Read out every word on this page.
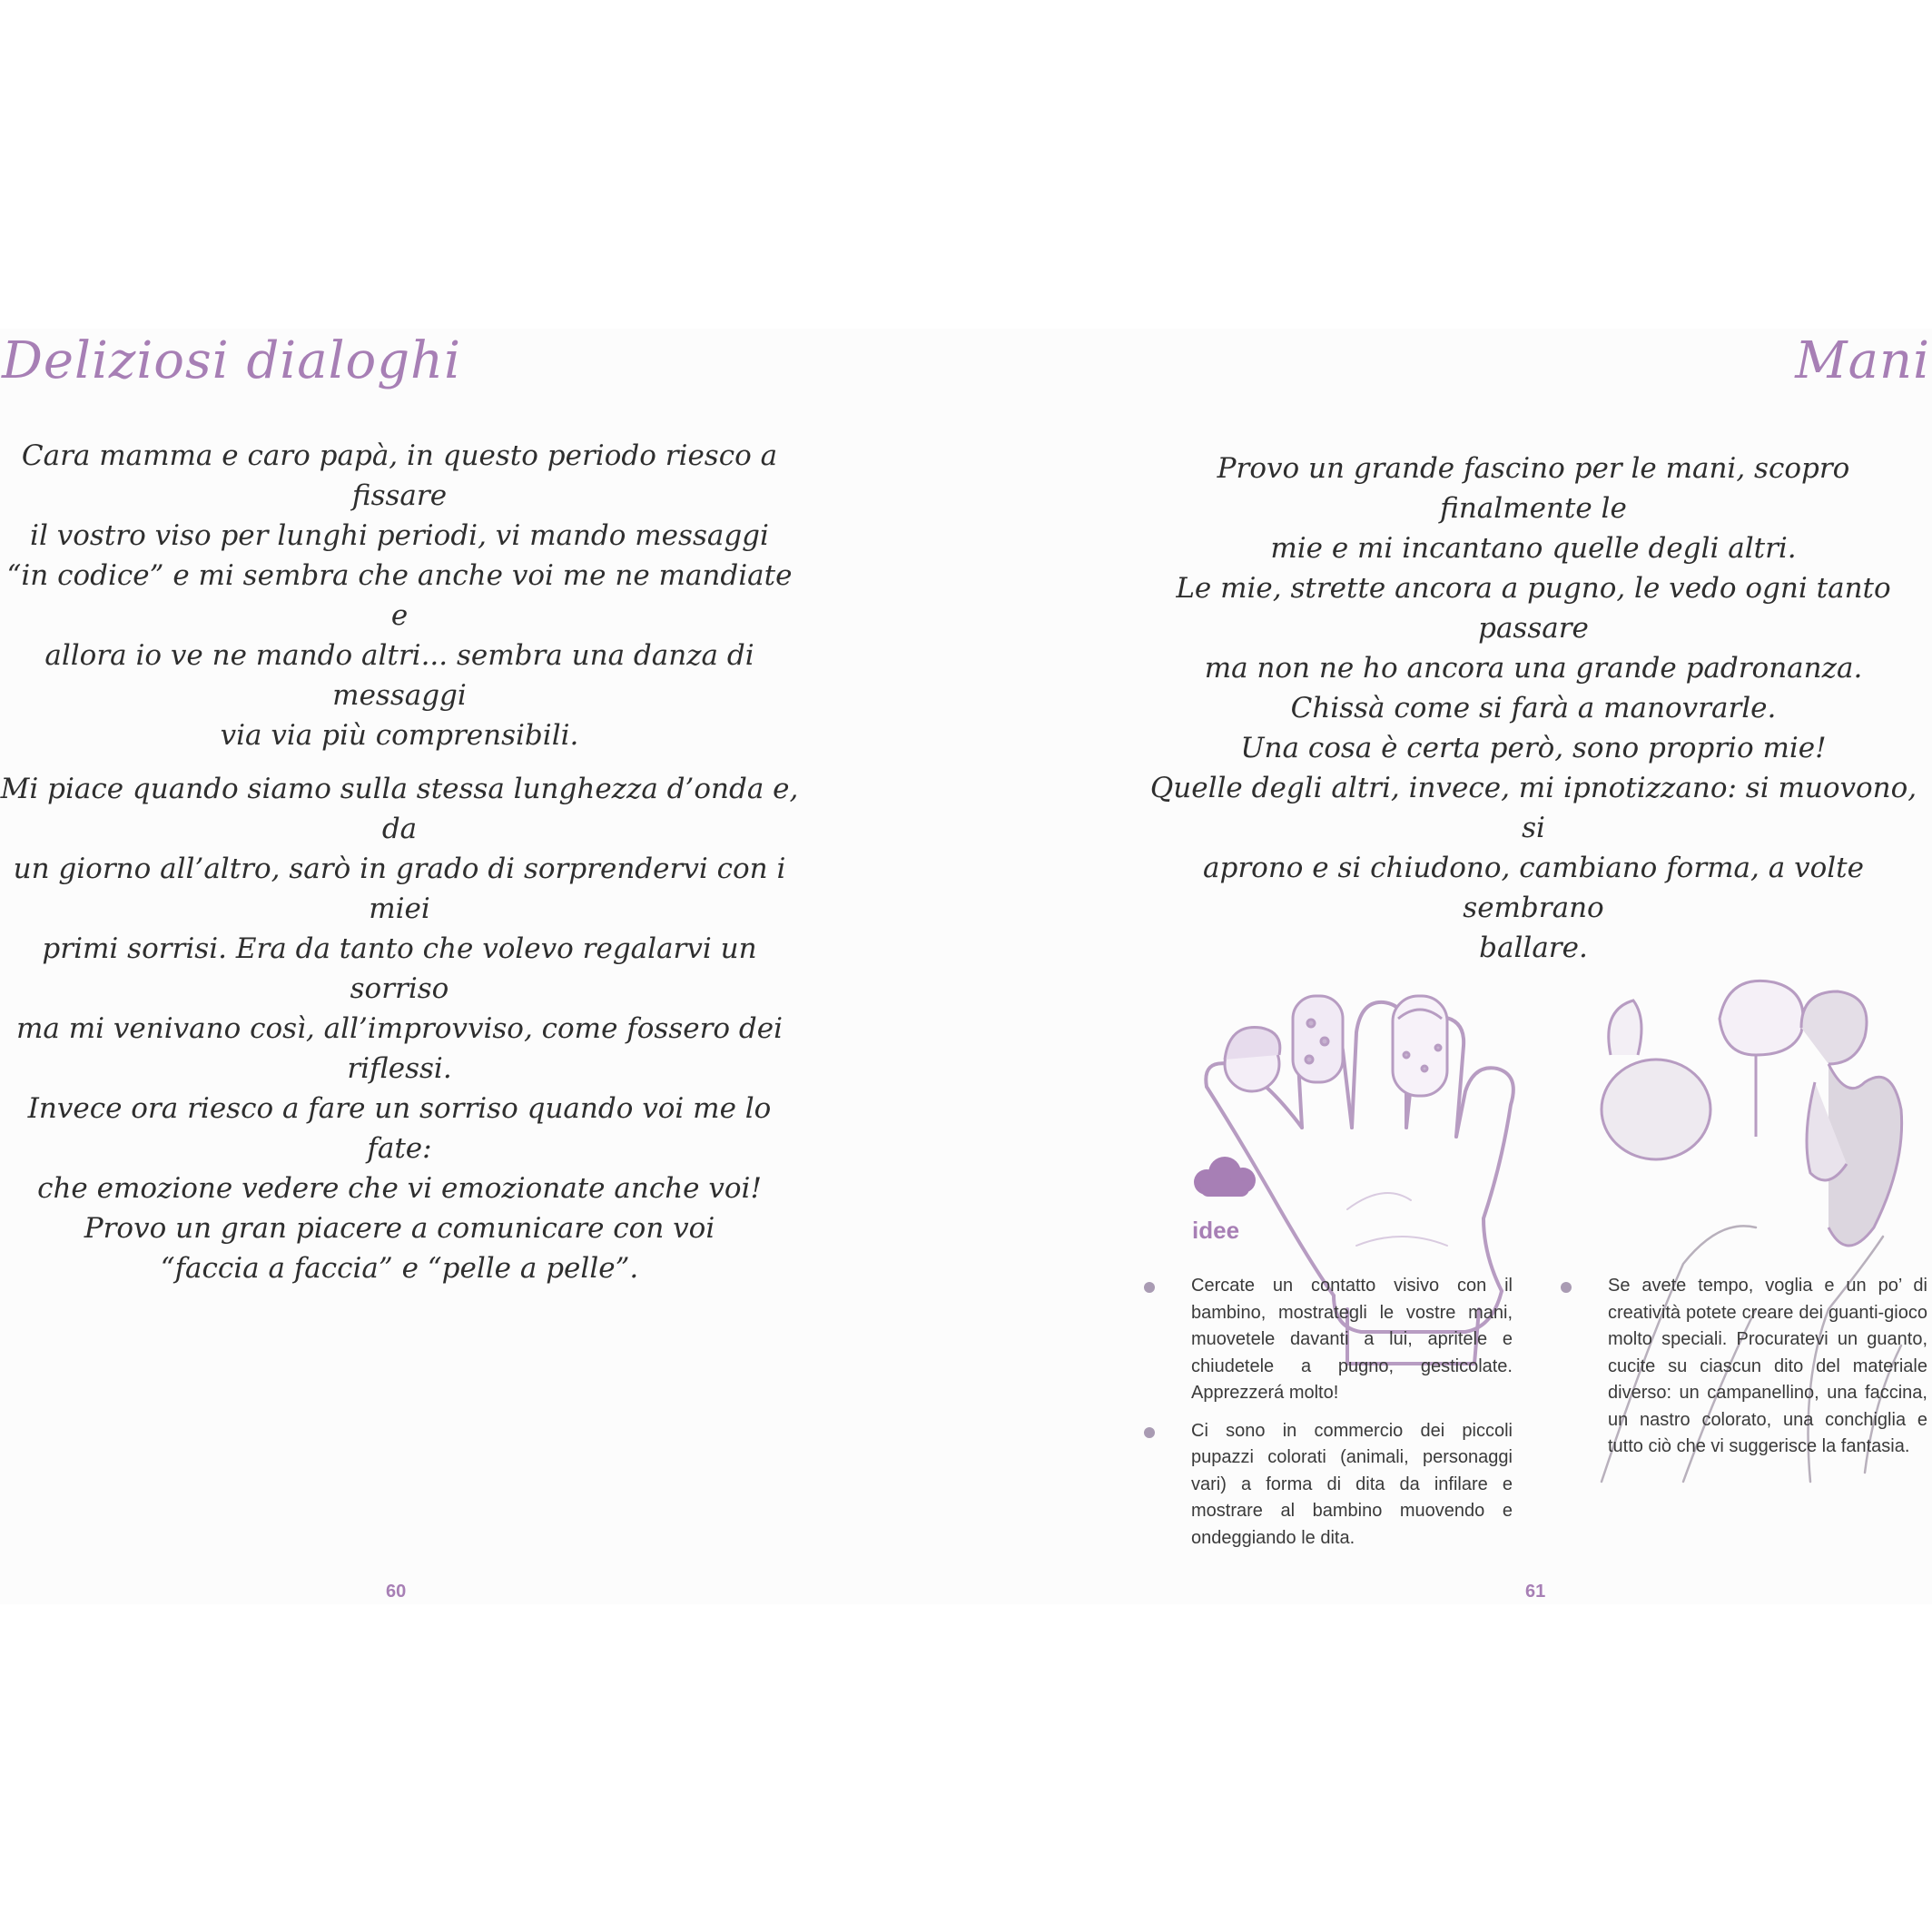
Deliziosi dialoghi

Cara mamma e caro papà, in questo periodo riesco a fissare
il vostro viso per lunghi periodi, vi mando messaggi
“in codice” e mi sembra che anche voi me ne mandiate e
allora io ve ne mando altri... sembra una danza di messaggi
via via più comprensibili.

Mi piace quando siamo sulla stessa lunghezza d’onda e, da
un giorno all’altro, sarò in grado di sorprendervi con i miei
primi sorrisi. Era da tanto che volevo regalarvi un sorriso
ma mi venivano così, all’improvviso, come fossero dei riflessi.
Invece ora riesco a fare un sorriso quando voi me lo fate:
che emozione vedere che vi emozionate anche voi!
Provo un gran piacere a comunicare con voi
“faccia a faccia” e “pelle a pelle”.

60
Mani

Provo un grande fascino per le mani, scopro finalmente le
mie e mi incantano quelle degli altri.
Le mie, strette ancora a pugno, le vedo ogni tanto passare
ma non ne ho ancora una grande padronanza.
Chissà come si farà a manovrarle.
Una cosa è certa però, sono proprio mie!
Quelle degli altri, invece, mi ipnotizzano: si muovono, si
aprono e si chiudono, cambiano forma, a volte sembrano
ballare.

idee
Cercate un contatto visivo con il bambino, mostrategli le vostre mani, muovetele davanti a lui, apritele e chiudetele a pugno, gesticolate. Apprezzerá molto!
Ci sono in commercio dei piccoli pupazzi colorati (animali, personaggi vari) a forma di dita da infilare e mostrare al bambino muovendo e ondeggiando le dita.
Se avete tempo, voglia e un po’ di creatività potete creare dei guanti-gioco molto speciali. Procuratevi un guanto, cucite su ciascun dito del materiale diverso: un campanellino, una faccina, un nastro colorato, una conchiglia e tutto ciò che vi suggerisce la fantasia.
61
